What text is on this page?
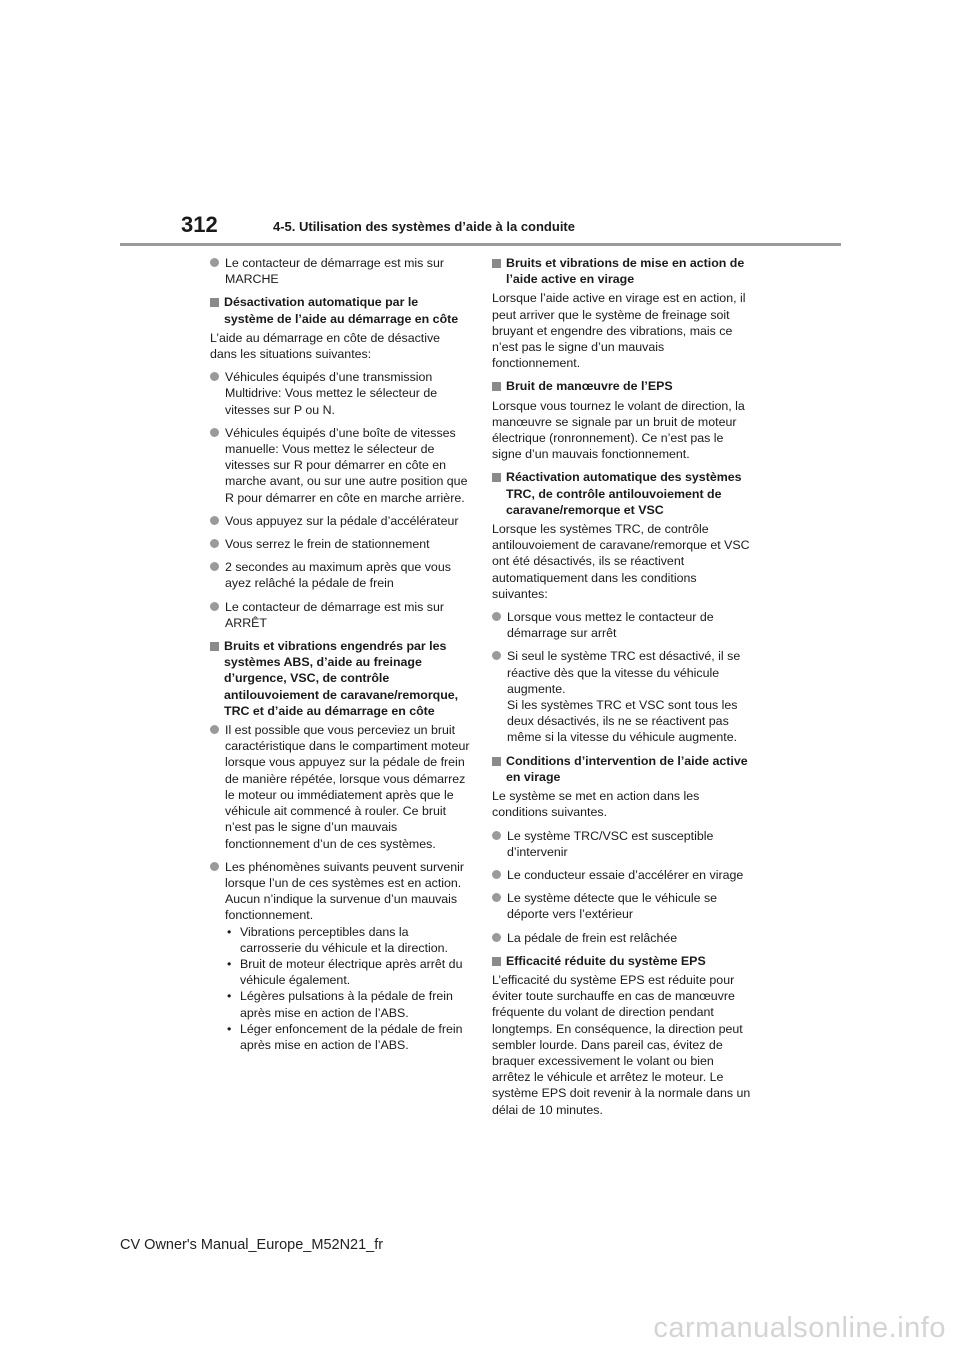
312	4-5. Utilisation des systèmes d’aide à la conduite
Le contacteur de démarrage est mis sur MARCHE
Désactivation automatique par le système de l’aide au démarrage en côte

L’aide au démarrage en côte de désactive dans les situations suivantes:

Véhicules équipés d’une transmission Multidrive: Vous mettez le sélecteur de vitesses sur P ou N.
Véhicules équipés d’une boîte de vitesses manuelle: Vous mettez le sélecteur de vitesses sur R pour démarrer en côte en marche avant, ou sur une autre position que R pour démarrer en côte en marche arrière.
Vous appuyez sur la pédale d’accélérateur
Vous serrez le frein de stationnement
2 secondes au maximum après que vous ayez relâché la pédale de frein
Le contacteur de démarrage est mis sur ARRÊT
Bruits et vibrations engendrés par les systèmes ABS, d’aide au freinage d’urgence, VSC, de contrôle antilouvoiement de caravane/remorque, TRC et d’aide au démarrage en côte
Il est possible que vous perceviez un bruit caractéristique dans le compartiment moteur lorsque vous appuyez sur la pédale de frein de manière répétée, lorsque vous démarrez le moteur ou immédiatement après que le véhicule ait commencé à rouler. Ce bruit n’est pas le signe d’un mauvais fonctionnement d’un de ces systèmes.
Les phénomènes suivants peuvent survenir lorsque l’un de ces systèmes est en action. Aucun n’indique la survenue d’un mauvais fonctionnement.

• Vibrations perceptibles dans la carrosserie du véhicule et la direction.

• Bruit de moteur électrique après arrêt du véhicule également.

• Légères pulsations à la pédale de frein après mise en action de l’ABS.

• Léger enfoncement de la pédale de frein après mise en action de l’ABS.

Bruits et vibrations de mise en action de l’aide active en virage

Lorsque l’aide active en virage est en action, il peut arriver que le système de freinage soit bruyant et engendre des vibrations, mais ce n’est pas le signe d’un mauvais fonctionnement.

Bruit de manœuvre de l’EPS

Lorsque vous tournez le volant de direction, la manœuvre se signale par un bruit de moteur électrique (ronronnement). Ce n’est pas le signe d’un mauvais fonctionnement.

Réactivation automatique des systèmes TRC, de contrôle antilouvoiement de caravane/remorque et VSC

Lorsque les systèmes TRC, de contrôle antilouvoiement de caravane/remorque et VSC ont été désactivés, ils se réactivent automatiquement dans les conditions suivantes:

Lorsque vous mettez le contacteur de démarrage sur arrêt
Si seul le système TRC est désactivé, il se réactive dès que la vitesse du véhicule augmente.
Si les systèmes TRC et VSC sont tous les deux désactivés, ils ne se réactivent pas même si la vitesse du véhicule augmente.
Conditions d’intervention de l’aide active en virage

Le système se met en action dans les conditions suivantes.

Le système TRC/VSC est susceptible d’intervenir
Le conducteur essaie d’accélérer en virage
Le système détecte que le véhicule se déporte vers l’extérieur
La pédale de frein est relâchée
Efficacité réduite du système EPS

L’efficacité du système EPS est réduite pour éviter toute surchauffe en cas de manœuvre fréquente du volant de direction pendant longtemps. En conséquence, la direction peut sembler lourde. Dans pareil cas, évitez de braquer excessivement le volant ou bien arrêtez le véhicule et arrêtez le moteur. Le système EPS doit revenir à la normale dans un délai de 10 minutes.

CV Owner's Manual_Europe_M52N21_fr
carmanualsonline.info
